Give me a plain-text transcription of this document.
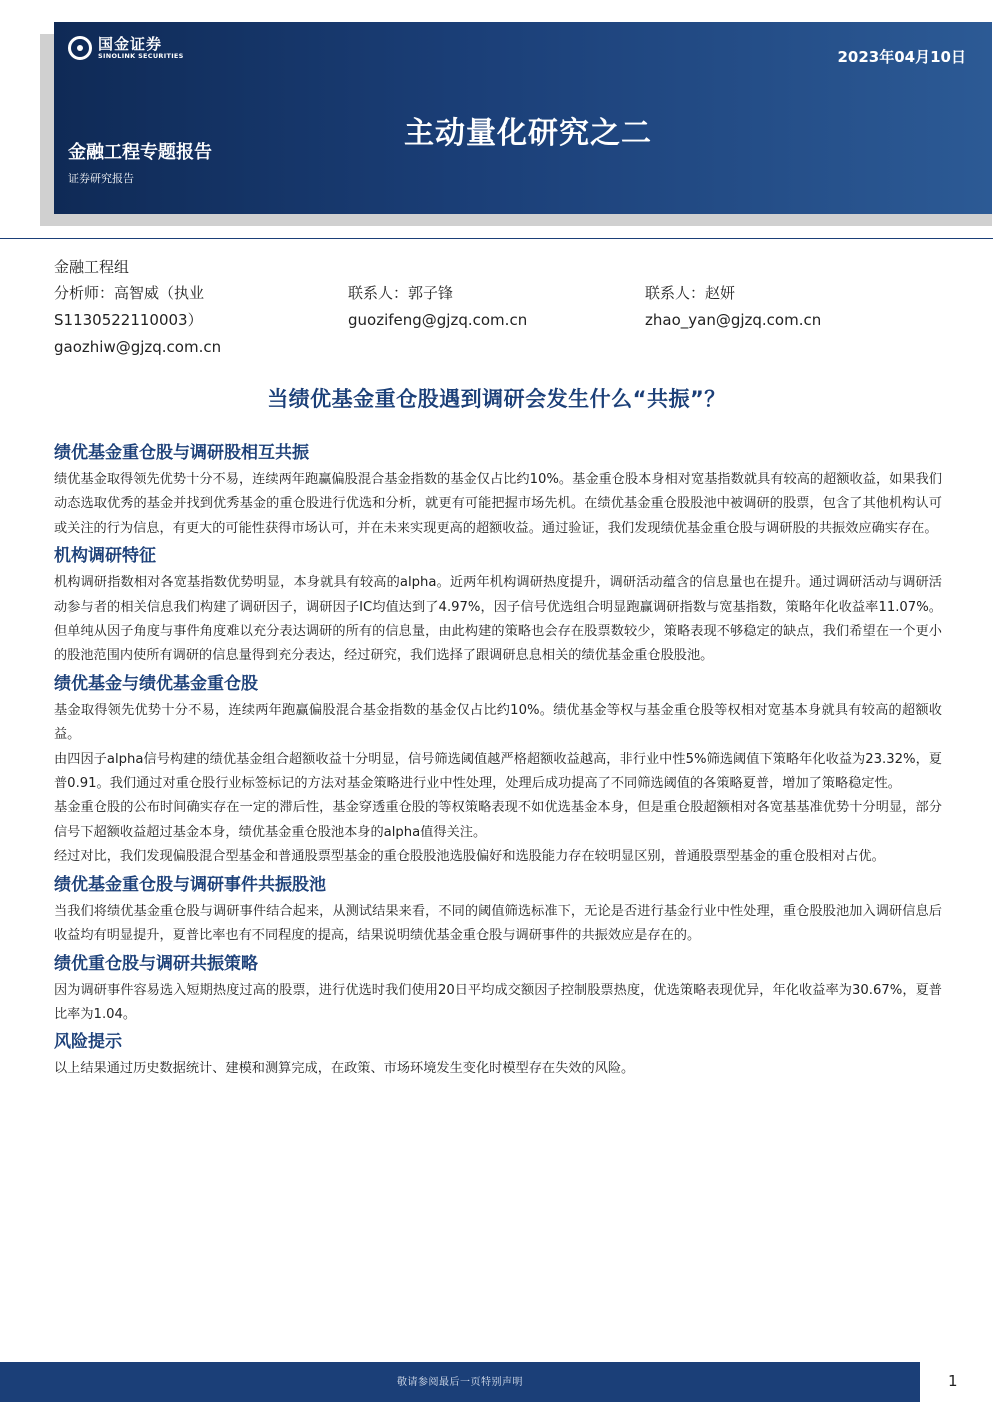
国金证券
SINOLINK SECURITIES	2023年04月10日
主动量化研究之二
金融工程专题报告
证券研究报告
金融工程组
分析师：高智威（执业
S1130522110003）
gaozhiw@gjzq.com.cn
联系人：郭子锋
guozifeng@gjzq.com.cn
联系人：赵妍
zhao_yan@gjzq.com.cn
当绩优基金重仓股遇到调研会发生什么“共振”？
绩优基金重仓股与调研股相互共振

绩优基金取得领先优势十分不易，连续两年跑赢偏股混合基金指数的基金仅占比约10%。基金重仓股本身相对宽基指数就具有较高的超额收益，如果我们动态选取优秀的基金并找到优秀基金的重仓股进行优选和分析，就更有可能把握市场先机。在绩优基金重仓股股池中被调研的股票，包含了其他机构认可或关注的行为信息，有更大的可能性获得市场认可，并在未来实现更高的超额收益。通过验证，我们发现绩优基金重仓股与调研股的共振效应确实存在。

机构调研特征

机构调研指数相对各宽基指数优势明显，本身就具有较高的alpha。近两年机构调研热度提升，调研活动蕴含的信息量也在提升。通过调研活动与调研活动参与者的相关信息我们构建了调研因子，调研因子IC均值达到了4.97%，因子信号优选组合明显跑赢调研指数与宽基指数，策略年化收益率11.07%。但单纯从因子角度与事件角度难以充分表达调研的所有的信息量，由此构建的策略也会存在股票数较少，策略表现不够稳定的缺点，我们希望在一个更小的股池范围内使所有调研的信息量得到充分表达，经过研究，我们选择了跟调研息息相关的绩优基金重仓股股池。

绩优基金与绩优基金重仓股

基金取得领先优势十分不易，连续两年跑赢偏股混合基金指数的基金仅占比约10%。绩优基金等权与基金重仓股等权相对宽基本身就具有较高的超额收益。

由四因子alpha信号构建的绩优基金组合超额收益十分明显，信号筛选阈值越严格超额收益越高，非行业中性5%筛选阈值下策略年化收益为23.32%，夏普0.91。我们通过对重仓股行业标签标记的方法对基金策略进行业中性处理，处理后成功提高了不同筛选阈值的各策略夏普，增加了策略稳定性。

基金重仓股的公布时间确实存在一定的滞后性，基金穿透重仓股的等权策略表现不如优选基金本身，但是重仓股超额相对各宽基基准优势十分明显，部分信号下超额收益超过基金本身，绩优基金重仓股池本身的alpha值得关注。

经过对比，我们发现偏股混合型基金和普通股票型基金的重仓股股池选股偏好和选股能力存在较明显区别，普通股票型基金的重仓股相对占优。

绩优基金重仓股与调研事件共振股池

当我们将绩优基金重仓股与调研事件结合起来，从测试结果来看，不同的阈值筛选标准下，无论是否进行基金行业中性处理，重仓股股池加入调研信息后收益均有明显提升，夏普比率也有不同程度的提高，结果说明绩优基金重仓股与调研事件的共振效应是存在的。

绩优重仓股与调研共振策略

因为调研事件容易选入短期热度过高的股票，进行优选时我们使用20日平均成交额因子控制股票热度，优选策略表现优异，年化收益率为30.67%，夏普比率为1.04。

风险提示

以上结果通过历史数据统计、建模和测算完成，在政策、市场环境发生变化时模型存在失效的风险。

敬请参阅最后一页特别声明	1
